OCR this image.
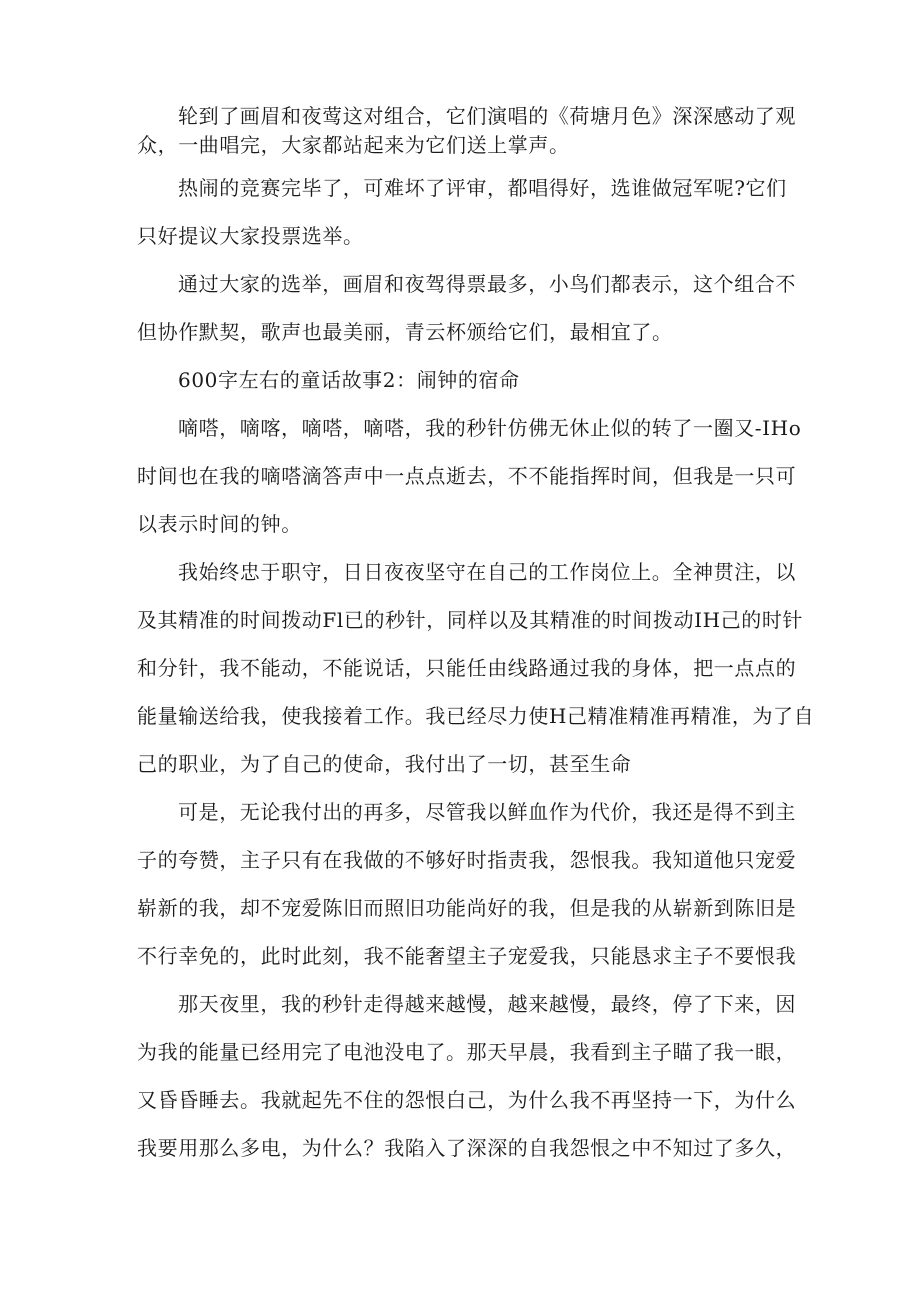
轮到了画眉和夜莺这对组合，它们演唱的《荷塘月色》深深感动了观
众，一曲唱完，大家都站起来为它们送上掌声。
热闹的竞赛完毕了，可难坏了评审，都唱得好，选谁做冠军呢?它们
只好提议大家投票选举。
通过大家的选举，画眉和夜驾得票最多，小鸟们都表示，这个组合不
但协作默契，歌声也最美丽，青云杯颁给它们，最相宜了。
600字左右的童话故事2：闹钟的宿命
嘀嗒，嘀喀，嘀嗒，嘀嗒，我的秒针仿佛无休止似的转了一圈又-IHo
时间也在我的嘀嗒滴答声中一点点逝去，不不能指挥时间，但我是一只可
以表示时间的钟。
我始终忠于职守，日日夜夜坚守在自己的工作岗位上。全神贯注，以
及其精准的时间拨动Fl已的秒针，同样以及其精准的时间拨动IH己的时针
和分针，我不能动，不能说话，只能任由线路通过我的身体，把一点点的
能量输送给我，使我接着工作。我已经尽力使H己精准精准再精准，为了自
己的职业，为了自己的使命，我付出了一切，甚至生命
可是，无论我付出的再多，尽管我以鲜血作为代价，我还是得不到主
子的夸赞，主子只有在我做的不够好时指责我，怨恨我。我知道他只宠爱
崭新的我，却不宠爱陈旧而照旧功能尚好的我，但是我的从崭新到陈旧是
不行幸免的，此时此刻，我不能奢望主子宠爱我，只能恳求主子不要恨我
那天夜里，我的秒针走得越来越慢，越来越慢，最终，停了下来，因
为我的能量已经用完了电池没电了。那天早晨，我看到主子瞄了我一眼，
又昏昏睡去。我就起先不住的怨恨白己，为什么我不再坚持一下，为什么
我要用那么多电，为什么？我陷入了深深的自我怨恨之中不知过了多久，
